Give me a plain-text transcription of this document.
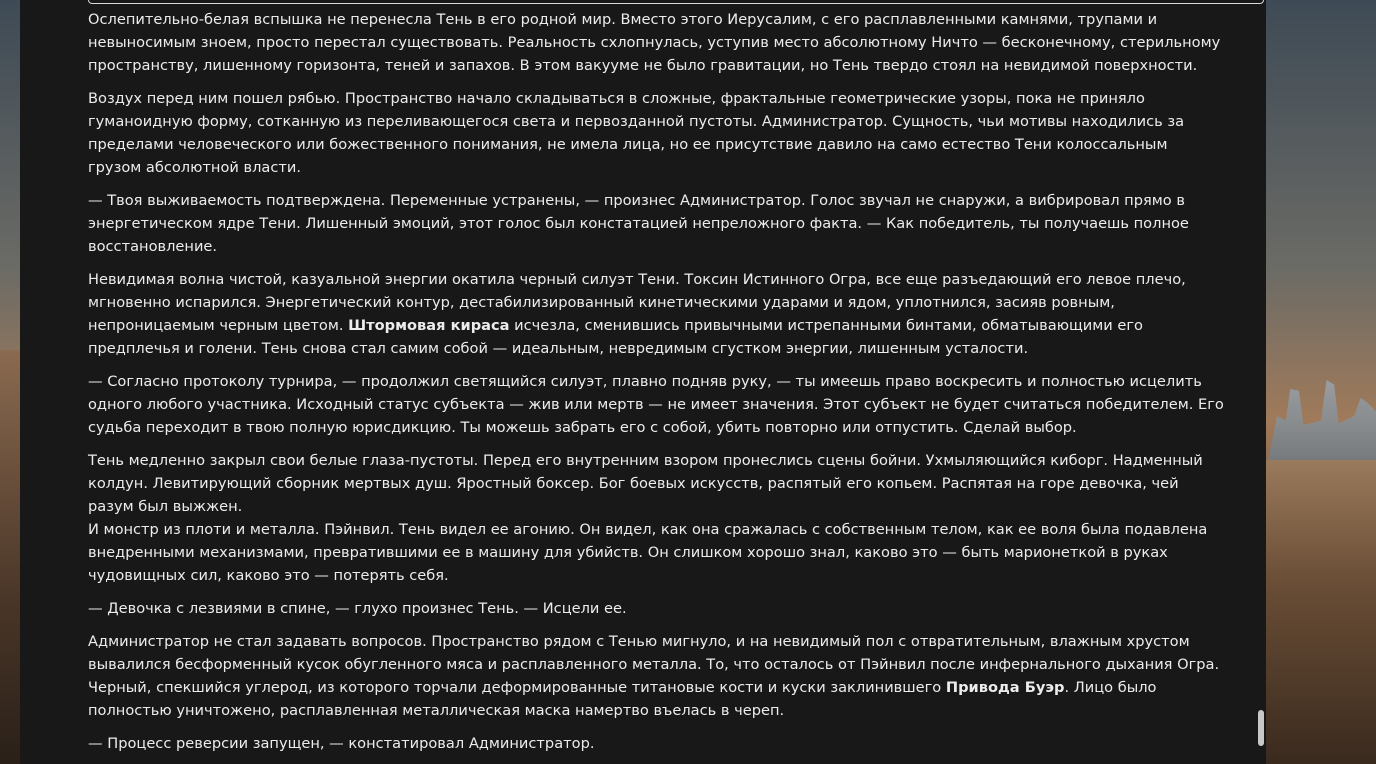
Ослепительно-белая вспышка не перенесла Тень в его родной мир. Вместо этого Иерусалим, с его расплавленными камнями, трупами и невыносимым зноем, просто перестал существовать. Реальность схлопнулась, уступив место абсолютному Ничто — бесконечному, стерильному пространству, лишенному горизонта, теней и запахов. В этом вакууме не было гравитации, но Тень твердо стоял на невидимой поверхности.

Воздух перед ним пошел рябью. Пространство начало складываться в сложные, фрактальные геометрические узоры, пока не приняло гуманоидную форму, сотканную из переливающегося света и первозданной пустоты. Администратор. Сущность, чьи мотивы находились за пределами человеческого или божественного понимания, не имела лица, но ее присутствие давило на само естество Тени колоссальным грузом абсолютной власти.

— Твоя выживаемость подтверждена. Переменные устранены, — произнес Администратор. Голос звучал не снаружи, а вибрировал прямо в энергетическом ядре Тени. Лишенный эмоций, этот голос был констатацией непреложного факта. — Как победитель, ты получаешь полное восстановление.

Невидимая волна чистой, казуальной энергии окатила черный силуэт Тени. Токсин Истинного Огра, все еще разъедающий его левое плечо, мгновенно испарился. Энергетический контур, дестабилизированный кинетическими ударами и ядом, уплотнился, засияв ровным, непроницаемым черным цветом. Штормовая кираса исчезла, сменившись привычными истрепанными бинтами, обматывающими его предплечья и голени. Тень снова стал самим собой — идеальным, невредимым сгустком энергии, лишенным усталости.

— Согласно протоколу турнира, — продолжил светящийся силуэт, плавно подняв руку, — ты имеешь право воскресить и полностью исцелить одного любого участника. Исходный статус субъекта — жив или мертв — не имеет значения. Этот субъект не будет считаться победителем. Его судьба переходит в твою полную юрисдикцию. Ты можешь забрать его с собой, убить повторно или отпустить. Сделай выбор.

Тень медленно закрыл свои белые глаза-пустоты. Перед его внутренним взором пронеслись сцены бойни. Ухмыляющийся киборг. Надменный колдун. Левитирующий сборник мертвых душ. Яростный боксер. Бог боевых искусств, распятый его копьем. Распятая на горе девочка, чей разум был выжжен.
И монстр из плоти и металла. Пэйнвил. Тень видел ее агонию. Он видел, как она сражалась с собственным телом, как ее воля была подавлена внедренными механизмами, превратившими ее в машину для убийств. Он слишком хорошо знал, каково это — быть марионеткой в руках чудовищных сил, каково это — потерять себя.

— Девочка с лезвиями в спине, — глухо произнес Тень. — Исцели ее.

Администратор не стал задавать вопросов. Пространство рядом с Тенью мигнуло, и на невидимый пол с отвратительным, влажным хрустом вывалился бесформенный кусок обугленного мяса и расплавленного металла. То, что осталось от Пэйнвил после инфернального дыхания Огра. Черный, спекшийся углерод, из которого торчали деформированные титановые кости и куски заклинившего Привода Буэр. Лицо было полностью уничтожено, расплавленная металлическая маска намертво въелась в череп.

— Процесс реверсии запущен, — констатировал Администратор.
